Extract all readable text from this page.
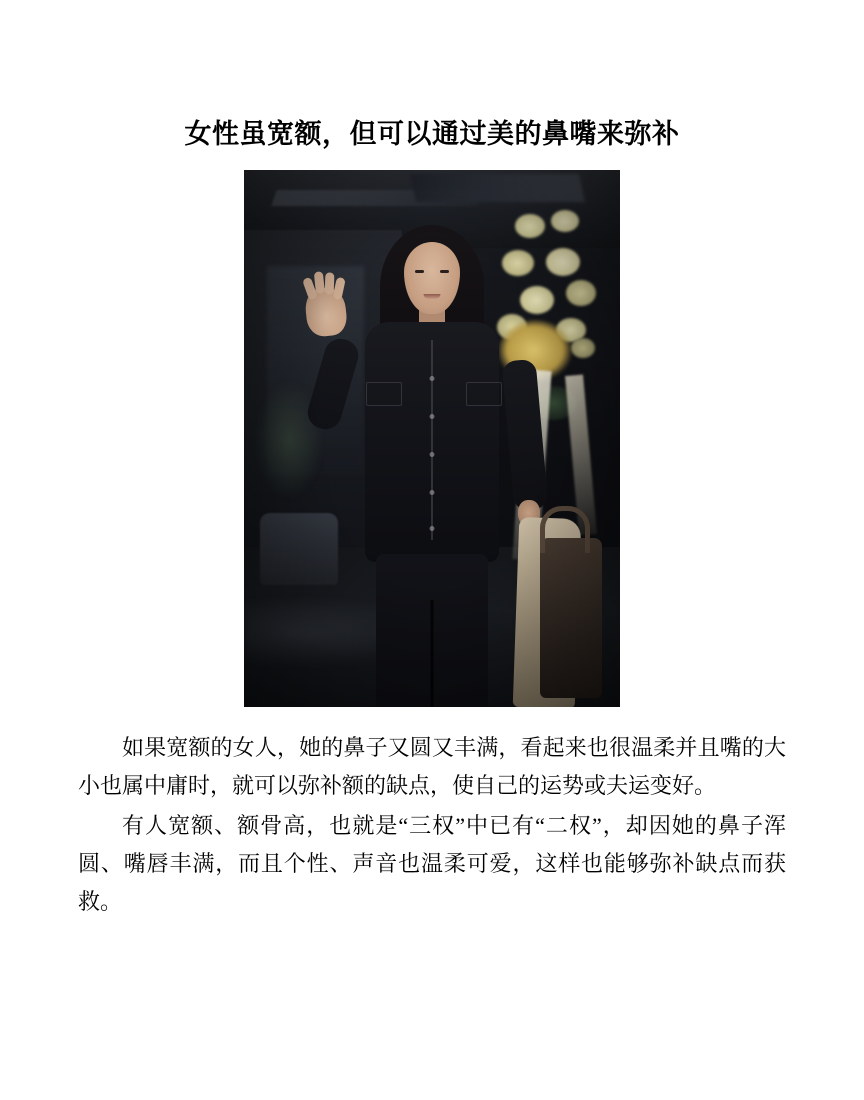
女性虽宽额，但可以通过美的鼻嘴来弥补

如果宽额的女人，她的鼻子又圆又丰满，看起来也很温柔并且嘴的大小也属中庸时，就可以弥补额的缺点，使自己的运势或夫运变好。

有人宽额、额骨高，也就是“三权”中已有“二权”，却因她的鼻子浑圆、嘴唇丰满，而且个性、声音也温柔可爱，这样也能够弥补缺点而获救。
